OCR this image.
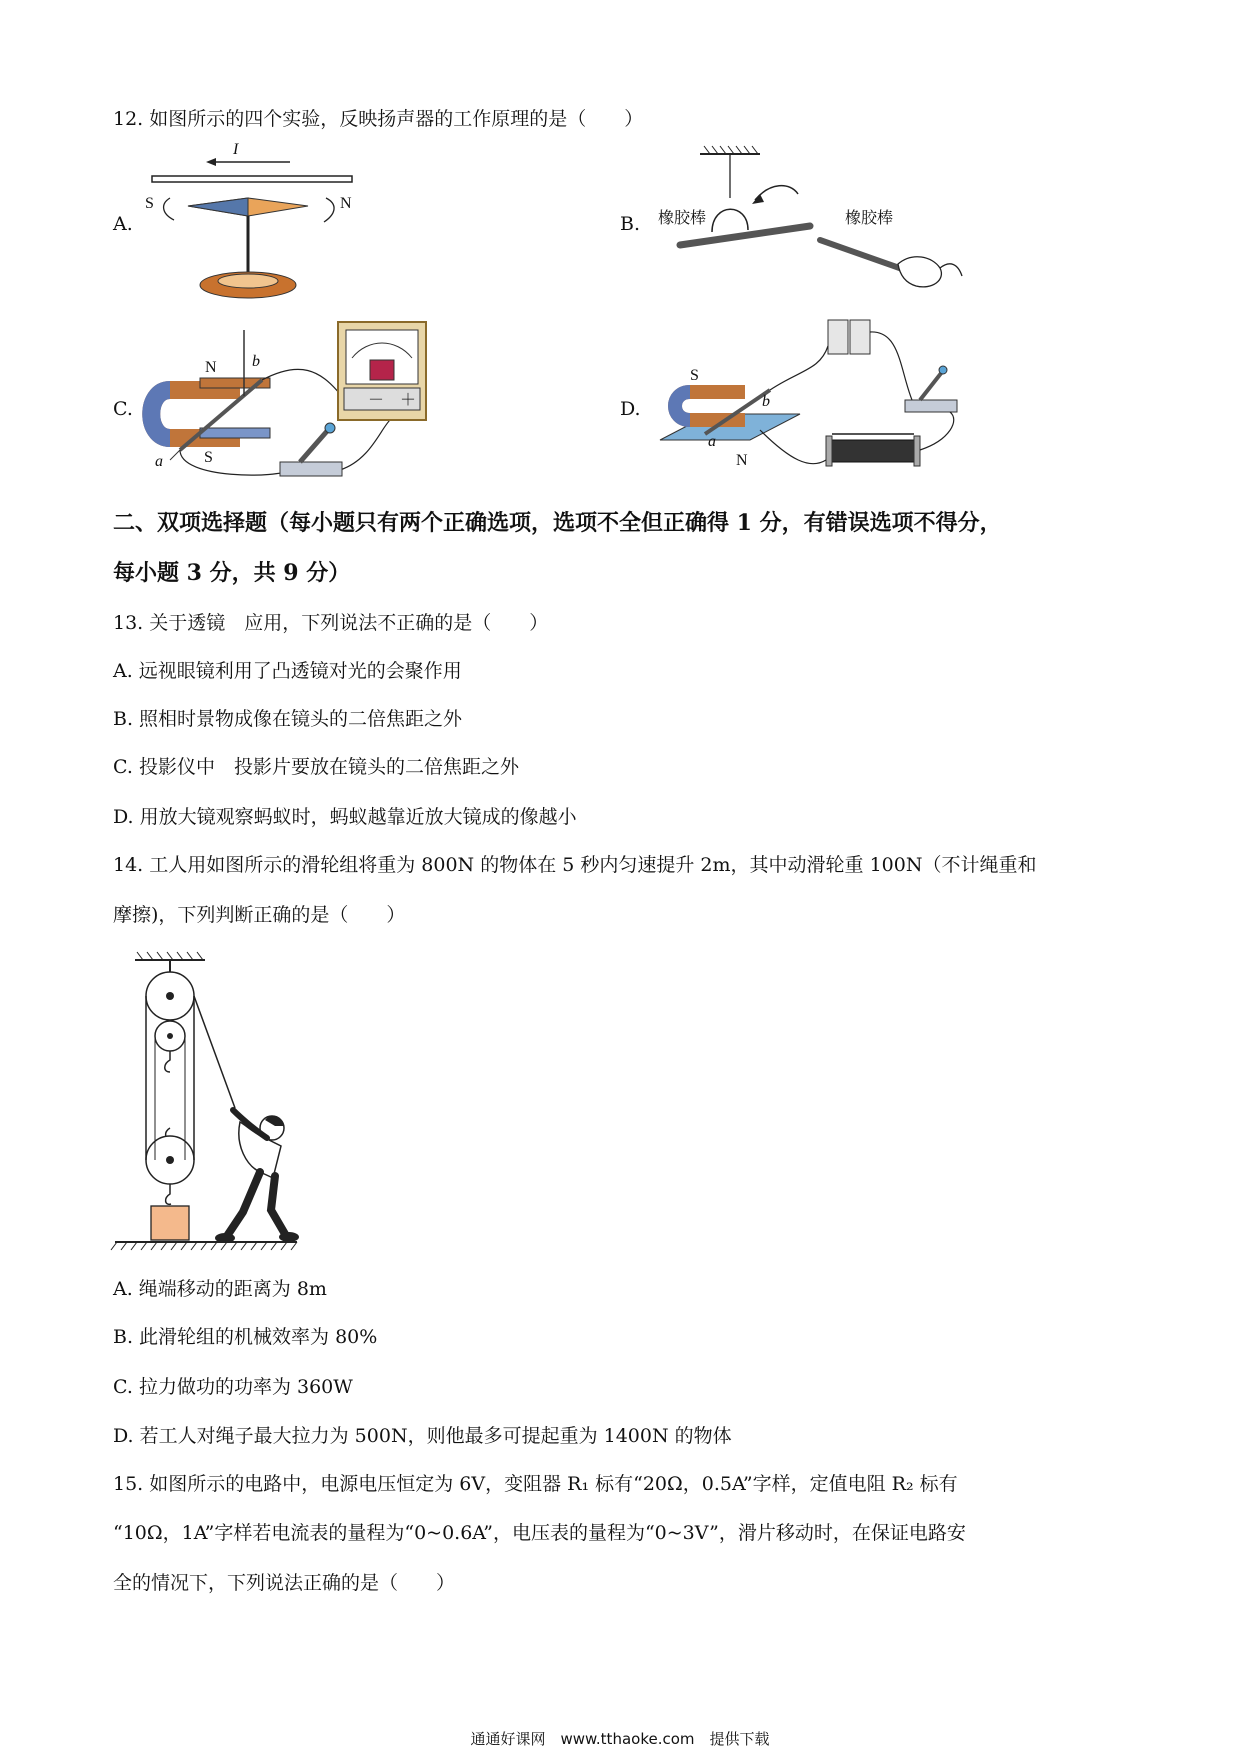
12. 如图所示的四个实验，反映扬声器的工作原理的是（　　）
A.
I
S	N
B. 橡胶棒	橡胶棒
C.
N
S
a
b
－　＋	D.
S
N
a
b
二、双项选择题（每小题只有两个正确选项，选项不全但正确得 1 分，有错误选项不得分，
每小题 3 分，共 9 分）
13. 关于透镜　应用，下列说法不正确的是（　　）
A. 远视眼镜利用了凸透镜对光的会聚作用
B. 照相时景物成像在镜头的二倍焦距之外
C. 投影仪中　投影片要放在镜头的二倍焦距之外
D. 用放大镜观察蚂蚁时，蚂蚁越靠近放大镜成的像越小
14. 工人用如图所示的滑轮组将重为 800N 的物体在 5 秒内匀速提升 2m，其中动滑轮重 100N（不计绳重和
摩擦)，下列判断正确的是（　　）
A. 绳端移动的距离为 8m
B. 此滑轮组的机械效率为 80%
C. 拉力做功的功率为 360W
D. 若工人对绳子最大拉力为 500N，则他最多可提起重为 1400N 的物体
15. 如图所示的电路中，电源电压恒定为 6V，变阻器 R₁ 标有“20Ω，0.5A”字样，定值电阻 R₂ 标有
“10Ω，1A”字样若电流表的量程为“0~0.6A”，电压表的量程为“0~3V”，滑片移动时，在保证电路安
全的情况下，下列说法正确的是（　　）
通通好课网　www.tthaoke.com　提供下载
